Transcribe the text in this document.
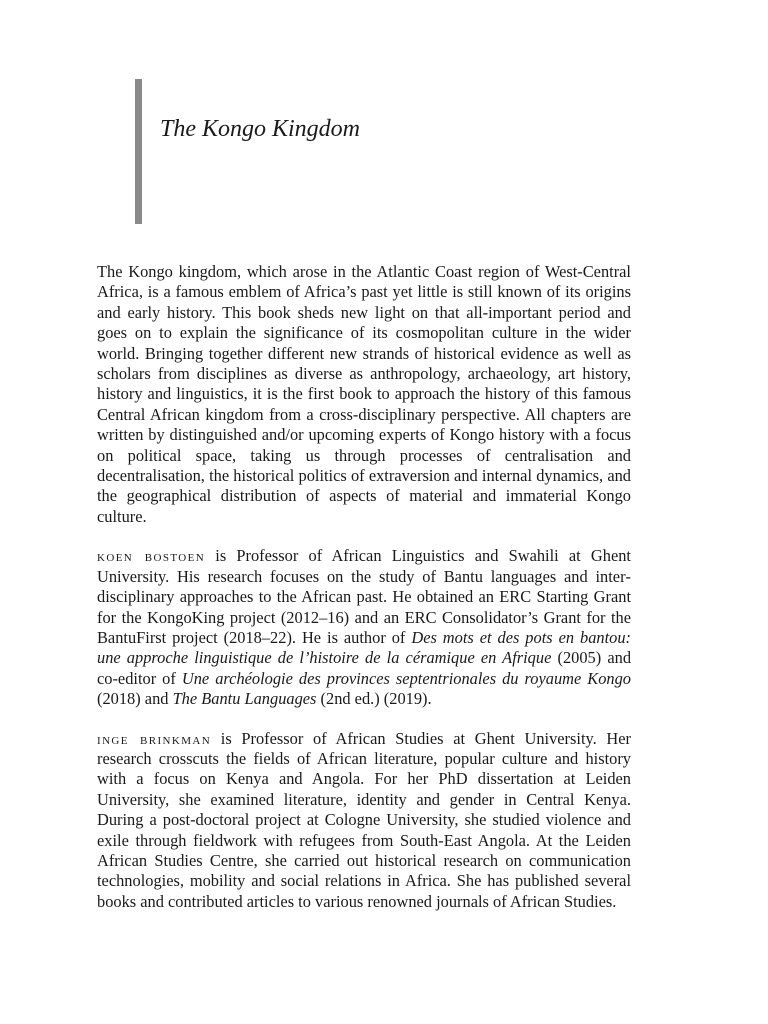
The Kongo Kingdom

The Kongo kingdom, which arose in the Atlantic Coast region of West-Central Africa, is a famous emblem of Africa’s past yet little is still known of its origins and early history. This book sheds new light on that all-important period and goes on to explain the significance of its cosmopolitan culture in the wider world. Bringing together different new strands of historical evidence as well as scholars from disciplines as diverse as anthropology, archaeology, art history, history and linguistics, it is the first book to approach the history of this famous Central African kingdom from a cross-disciplinary perspective. All chapters are written by distinguished and/or upcoming experts of Kongo history with a focus on political space, taking us through processes of centralisation and decentralisation, the historical politics of extraversion and internal dynamics, and the geographical distribution of aspects of material and immaterial Kongo culture.

koen bostoen is Professor of African Linguistics and Swahili at Ghent University. His research focuses on the study of Bantu languages and interdisciplinary approaches to the African past. He obtained an ERC Starting Grant for the KongoKing project (2012–16) and an ERC Consolidator’s Grant for the BantuFirst project (2018–22). He is author of Des mots et des pots en bantou: une approche linguistique de l’histoire de la céramique en Afrique (2005) and co-editor of Une archéologie des provinces septentrionales du royaume Kongo (2018) and The Bantu Languages (2nd ed.) (2019).

inge brinkman is Professor of African Studies at Ghent University. Her research crosscuts the fields of African literature, popular culture and history with a focus on Kenya and Angola. For her PhD dissertation at Leiden University, she examined literature, identity and gender in Central Kenya. During a post-doctoral project at Cologne University, she studied violence and exile through fieldwork with refugees from South-East Angola. At the Leiden African Studies Centre, she carried out historical research on communication technologies, mobility and social relations in Africa. She has published several books and contributed articles to various renowned journals of African Studies.
